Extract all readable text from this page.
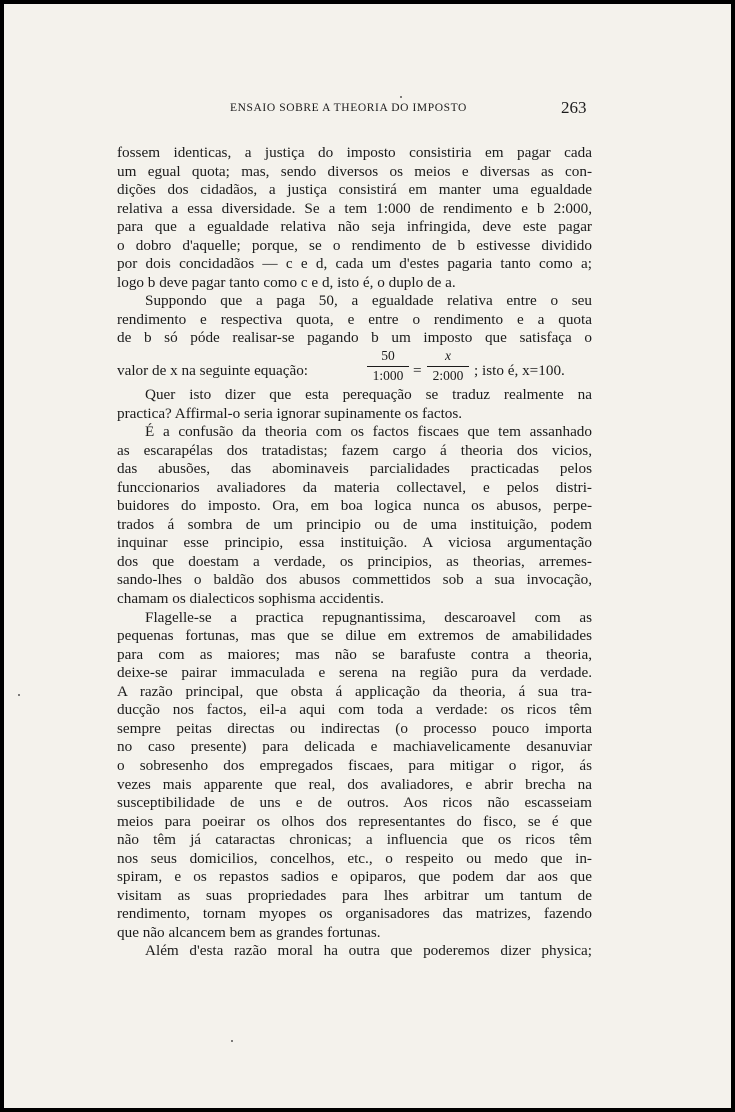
ENSAIO SOBRE A THEORIA DO IMPOSTO	263
fossem identicas, a justiça do imposto consistiria em pagar cada
um egual quota; mas, sendo diversos os meios e diversas as con-
dições dos cidadãos, a justiça consistirá em manter uma egualdade
relativa a essa diversidade. Se a tem 1:000 de rendimento e b 2:000,
para que a egualdade relativa não seja infringida, deve este pagar
o dobro d'aquelle; porque, se o rendimento de b estivesse dividido
por dois concidadãos — c e d, cada um d'estes pagaria tanto como a;
logo b deve pagar tanto como c e d, isto é, o duplo de a.
Suppondo que a paga 50, a egualdade relativa entre o seu
rendimento e respectiva quota, e entre o rendimento e a quota
de b só póde realisar-se pagando b um imposto que satisfaça o
valor de x na seguinte equação:
50
1:000 =
x
2:000 ; isto é, x=100.
Quer isto dizer que esta perequação se traduz realmente na
practica? Affirmal-o seria ignorar supinamente os factos.
É a confusão da theoria com os factos fiscaes que tem assanhado
as escarapélas dos tratadistas; fazem cargo á theoria dos vicios,
das abusões, das abominaveis parcialidades practicadas pelos
funccionarios avaliadores da materia collectavel, e pelos distri-
buidores do imposto. Ora, em boa logica nunca os abusos, perpe-
trados á sombra de um principio ou de uma instituição, podem
inquinar esse principio, essa instituição. A viciosa argumentação
dos que doestam a verdade, os principios, as theorias, arremes-
sando-lhes o baldão dos abusos commettidos sob a sua invocação,
chamam os dialecticos sophisma accidentis.
Flagelle-se a practica repugnantissima, descaroavel com as
pequenas fortunas, mas que se dilue em extremos de amabilidades
para com as maiores; mas não se barafuste contra a theoria,
deixe-se pairar immaculada e serena na região pura da verdade.
A razão principal, que obsta á applicação da theoria, á sua tra-
ducção nos factos, eil-a aqui com toda a verdade: os ricos têm
sempre peitas directas ou indirectas (o processo pouco importa
no caso presente) para delicada e machiavelicamente desanuviar
o sobresenho dos empregados fiscaes, para mitigar o rigor, ás
vezes mais apparente que real, dos avaliadores, e abrir brecha na
susceptibilidade de uns e de outros. Aos ricos não escasseiam
meios para poeirar os olhos dos representantes do fisco, se é que
não têm já cataractas chronicas; a influencia que os ricos têm
nos seus domicilios, concelhos, etc., o respeito ou medo que in-
spiram, e os repastos sadios e opiparos, que podem dar aos que
visitam as suas propriedades para lhes arbitrar um tantum de
rendimento, tornam myopes os organisadores das matrizes, fazendo
que não alcancem bem as grandes fortunas.
Além d'esta razão moral ha outra que poderemos dizer physica;
